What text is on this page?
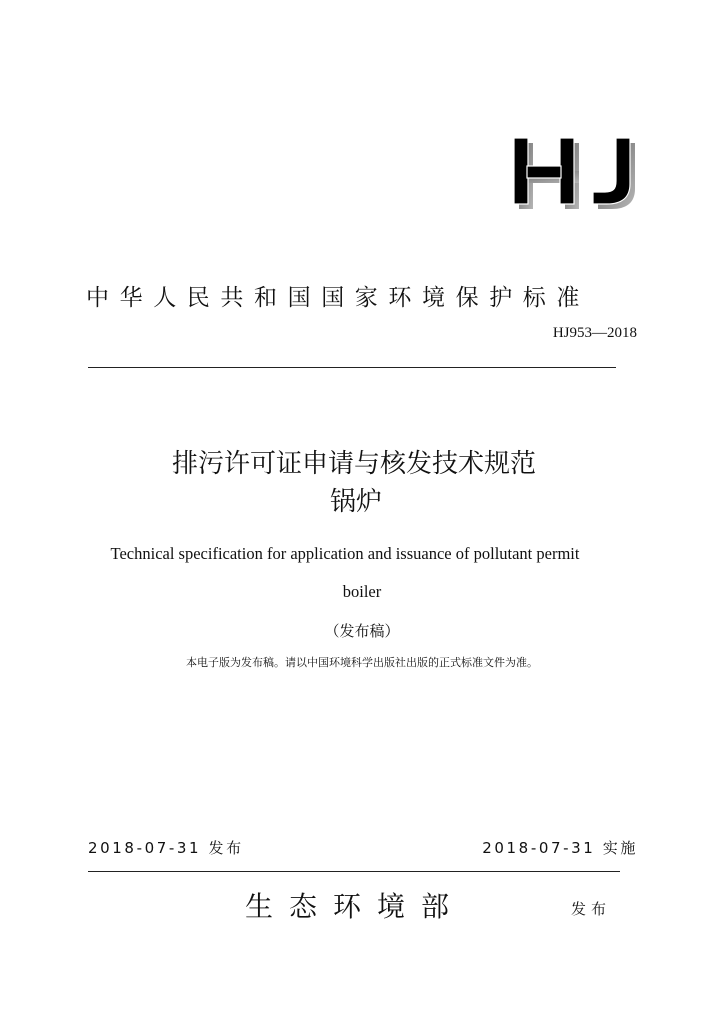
中华人民共和国国家环境保护标准
HJ953—2018
排污许可证申请与核发技术规范
锅炉
Technical specification for application and issuance of pollutant permit
boiler
（发布稿）
本电子版为发布稿。请以中国环境科学出版社出版的正式标准文件为准。
2018-07-31 发布	2018-07-31 实施
生态环境部	发布
